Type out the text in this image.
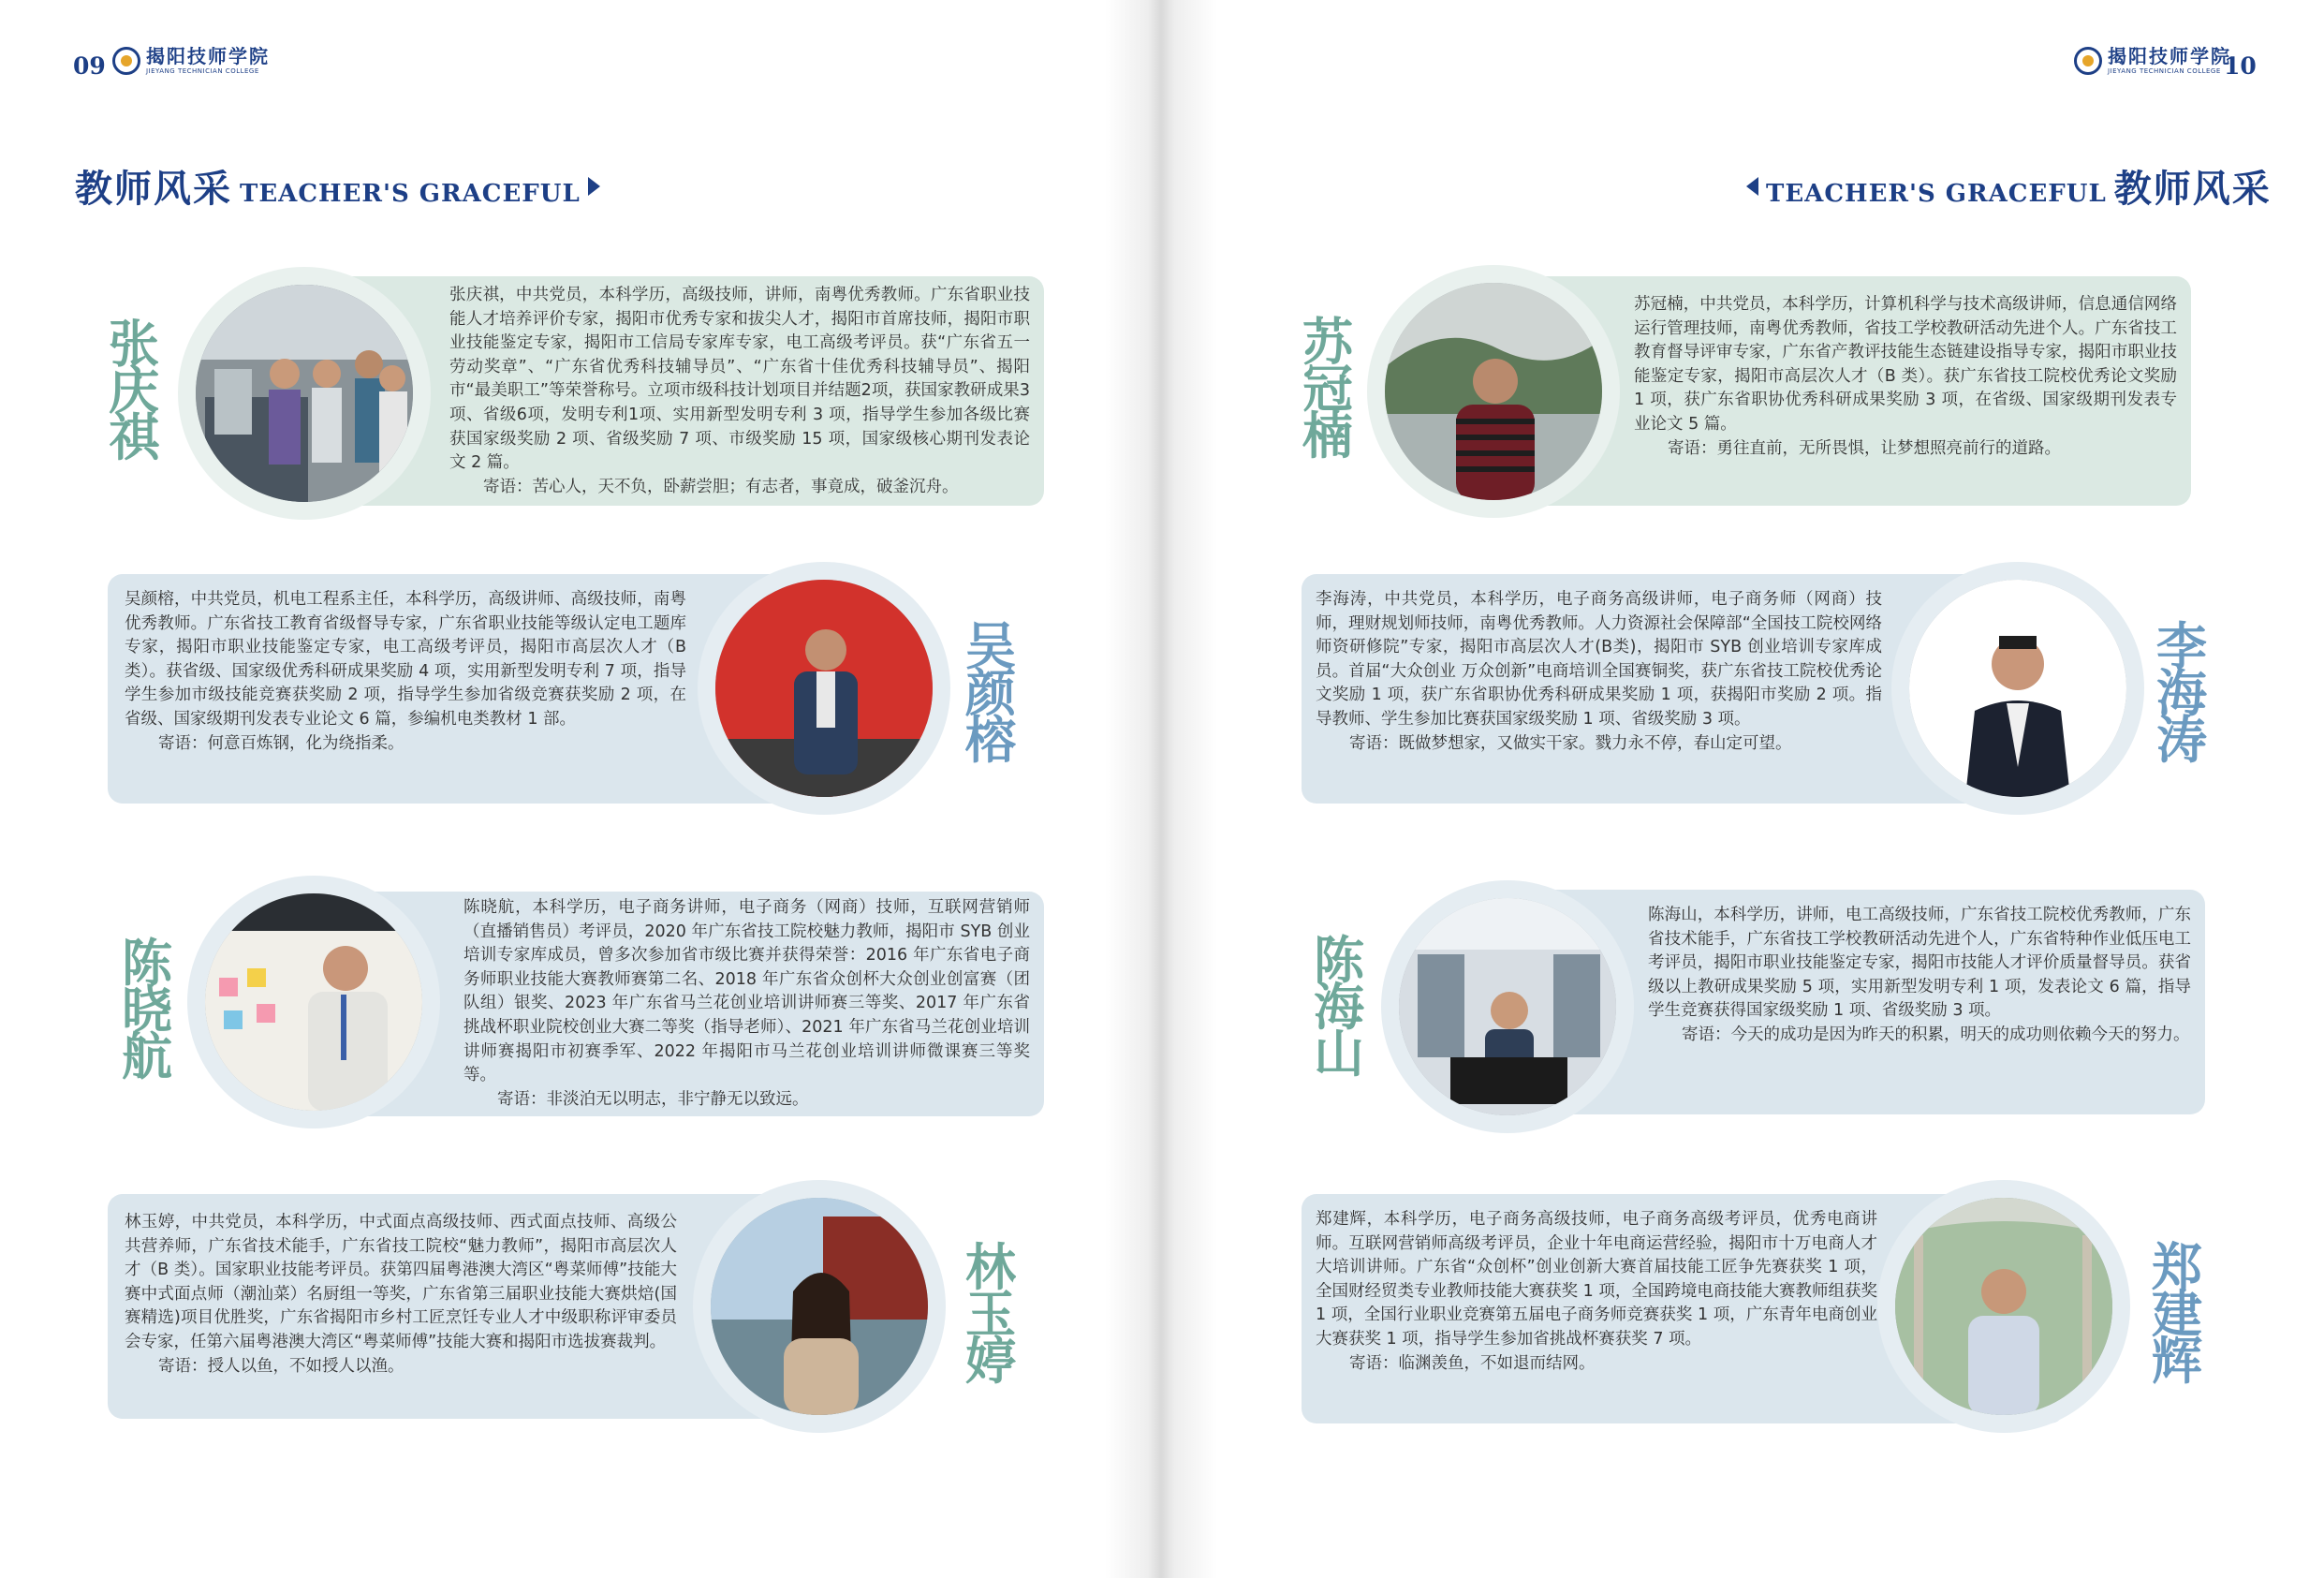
09 揭阳技师学院
JIEYANG TECHNICIAN COLLEGE
教师风采 TEACHER'S GRACEFUL
揭阳技师学院
JIEYANG TECHNICIAN COLLEGE 10
TEACHER'S GRACEFUL 教师风采
张庆祺，中共党员，本科学历，高级技师，讲师，南粤优秀教师。广东省职业技能人才培养评价专家，揭阳市优秀专家和拔尖人才，揭阳市首席技师，揭阳市职业技能鉴定专家，揭阳市工信局专家库专家，电工高级考评员。获“广东省五一劳动奖章”、“广东省优秀科技辅导员”、“广东省十佳优秀科技辅导员”、揭阳市“最美职工”等荣誉称号。立项市级科技计划项目并结题2项，获国家教研成果3项、省级6项，发明专利1项、实用新型发明专利 3 项，指导学生参加各级比赛获国家级奖励 2 项、省级奖励 7 项、市级奖励 15 项，国家级核心期刊发表论文 2 篇。
寄语：苦心人，天不负，卧薪尝胆；有志者，事竟成，破釜沉舟。
张
庆
祺
吴颜榕，中共党员，机电工程系主任，本科学历，高级讲师、高级技师，南粤优秀教师。广东省技工教育省级督导专家，广东省职业技能等级认定电工题库专家，揭阳市职业技能鉴定专家，电工高级考评员，揭阳市高层次人才（B 类）。获省级、国家级优秀科研成果奖励 4 项，实用新型发明专利 7 项，指导学生参加市级技能竞赛获奖励 2 项，指导学生参加省级竞赛获奖励 2 项，在省级、国家级期刊发表专业论文 6 篇，参编机电类教材 1 部。
寄语：何意百炼钢，化为绕指柔。
吴
颜
榕
陈晓航，本科学历，电子商务讲师，电子商务（网商）技师，互联网营销师（直播销售员）考评员，2020 年广东省技工院校魅力教师，揭阳市 SYB 创业培训专家库成员，曾多次参加省市级比赛并获得荣誉：2016 年广东省电子商务师职业技能大赛教师赛第二名、2018 年广东省众创杯大众创业创富赛（团队组）银奖、2023 年广东省马兰花创业培训讲师赛三等奖、2017 年广东省挑战杯职业院校创业大赛二等奖（指导老师）、2021 年广东省马兰花创业培训讲师赛揭阳市初赛季军、2022 年揭阳市马兰花创业培训讲师微课赛三等奖等。
寄语：非淡泊无以明志，非宁静无以致远。
陈
晓
航
林玉婷，中共党员，本科学历，中式面点高级技师、西式面点技师、高级公共营养师，广东省技术能手，广东省技工院校“魅力教师”，揭阳市高层次人才（B 类）。国家职业技能考评员。获第四届粤港澳大湾区“粤菜师傅”技能大赛中式面点师（潮汕菜）名厨组一等奖，广东省第三届职业技能大赛烘焙(国赛精选)项目优胜奖，广东省揭阳市乡村工匠烹饪专业人才中级职称评审委员会专家，任第六届粤港澳大湾区“粤菜师傅”技能大赛和揭阳市选拔赛裁判。
寄语：授人以鱼，不如授人以渔。
林
玉
婷
苏冠楠，中共党员，本科学历，计算机科学与技术高级讲师，信息通信网络运行管理技师，南粤优秀教师，省技工学校教研活动先进个人。广东省技工教育督导评审专家，广东省产教评技能生态链建设指导专家，揭阳市职业技能鉴定专家，揭阳市高层次人才（B 类）。获广东省技工院校优秀论文奖励 1 项，获广东省职协优秀科研成果奖励 3 项，在省级、国家级期刊发表专业论文 5 篇。
寄语：勇往直前，无所畏惧，让梦想照亮前行的道路。
苏
冠
楠
李海涛，中共党员，本科学历，电子商务高级讲师，电子商务师（网商）技师，理财规划师技师，南粤优秀教师。人力资源社会保障部“全国技工院校网络师资研修院”专家，揭阳市高层次人才(B类)，揭阳市 SYB 创业培训专家库成员。首届“大众创业 万众创新”电商培训全国赛铜奖，获广东省技工院校优秀论文奖励 1 项，获广东省职协优秀科研成果奖励 1 项，获揭阳市奖励 2 项。指导教师、学生参加比赛获国家级奖励 1 项、省级奖励 3 项。
寄语：既做梦想家，又做实干家。戮力永不停，春山定可望。
李
海
涛
陈海山，本科学历，讲师，电工高级技师，广东省技工院校优秀教师，广东省技术能手，广东省技工学校教研活动先进个人，广东省特种作业低压电工考评员，揭阳市职业技能鉴定专家，揭阳市技能人才评价质量督导员。获省级以上教研成果奖励 5 项，实用新型发明专利 1 项，发表论文 6 篇，指导学生竞赛获得国家级奖励 1 项、省级奖励 3 项。
寄语：今天的成功是因为昨天的积累，明天的成功则依赖今天的努力。
陈
海
山
郑建辉，本科学历，电子商务高级技师，电子商务高级考评员，优秀电商讲师。互联网营销师高级考评员，企业十年电商运营经验，揭阳市十万电商人才大培训讲师。广东省“众创杯”创业创新大赛首届技能工匠争先赛获奖 1 项，全国财经贸类专业教师技能大赛获奖 1 项，全国跨境电商技能大赛教师组获奖 1 项，全国行业职业竞赛第五届电子商务师竞赛获奖 1 项，广东青年电商创业大赛获奖 1 项，指导学生参加省挑战杯赛获奖 7 项。
寄语：临渊羡鱼，不如退而结网。
郑
建
辉
